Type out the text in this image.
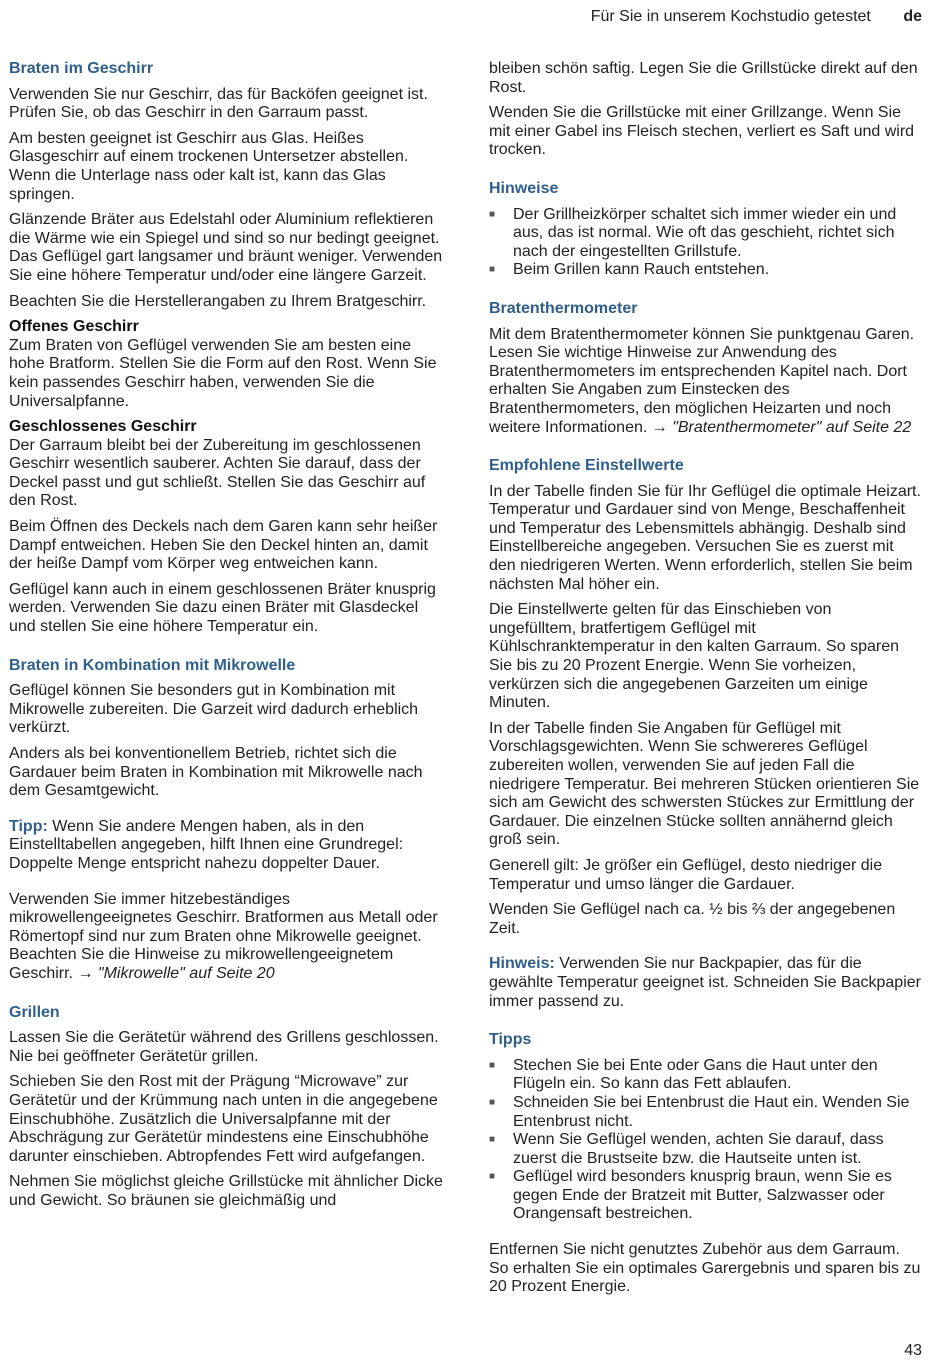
Für Sie in unserem Kochstudio getestet de
Braten im Geschirr

Verwenden Sie nur Geschirr, das für Backöfen geeignet ist. Prüfen Sie, ob das Geschirr in den Garraum passt.

Am besten geeignet ist Geschirr aus Glas. Heißes Glasgeschirr auf einem trockenen Untersetzer abstellen. Wenn die Unterlage nass oder kalt ist, kann das Glas springen.

Glänzende Bräter aus Edelstahl oder Aluminium reflektieren die Wärme wie ein Spiegel und sind so nur bedingt geeignet. Das Geflügel gart langsamer und bräunt weniger. Verwenden Sie eine höhere Temperatur und/oder eine längere Garzeit.

Beachten Sie die Herstellerangaben zu Ihrem Bratgeschirr.

Offenes Geschirr

Zum Braten von Geflügel verwenden Sie am besten eine hohe Bratform. Stellen Sie die Form auf den Rost. Wenn Sie kein passendes Geschirr haben, verwenden Sie die Universalpfanne.

Geschlossenes Geschirr

Der Garraum bleibt bei der Zubereitung im geschlossenen Geschirr wesentlich sauberer. Achten Sie darauf, dass der Deckel passt und gut schließt. Stellen Sie das Geschirr auf den Rost.

Beim Öffnen des Deckels nach dem Garen kann sehr heißer Dampf entweichen. Heben Sie den Deckel hinten an, damit der heiße Dampf vom Körper weg entweichen kann.

Geflügel kann auch in einem geschlossenen Bräter knusprig werden. Verwenden Sie dazu einen Bräter mit Glasdeckel und stellen Sie eine höhere Temperatur ein.

Braten in Kombination mit Mikrowelle

Geflügel können Sie besonders gut in Kombination mit Mikrowelle zubereiten. Die Garzeit wird dadurch erheblich verkürzt.

Anders als bei konventionellem Betrieb, richtet sich die Gardauer beim Braten in Kombination mit Mikrowelle nach dem Gesamtgewicht.

Tipp: Wenn Sie andere Mengen haben, als in den Einstelltabellen angegeben, hilft Ihnen eine Grundregel: Doppelte Menge entspricht nahezu doppelter Dauer.

Verwenden Sie immer hitzebeständiges mikrowellengeeignetes Geschirr. Bratformen aus Metall oder Römertopf sind nur zum Braten ohne Mikrowelle geeignet. Beachten Sie die Hinweise zu mikrowellengeeignetem Geschirr. → "Mikrowelle" auf Seite 20

Grillen

Lassen Sie die Gerätetür während des Grillens geschlossen. Nie bei geöffneter Gerätetür grillen.

Schieben Sie den Rost mit der Prägung “Microwave” zur Gerätetür und der Krümmung nach unten in die angegebene Einschubhöhe. Zusätzlich die Universalpfanne mit der Abschrägung zur Gerätetür mindestens eine Einschubhöhe darunter einschieben. Abtropfendes Fett wird aufgefangen.

Nehmen Sie möglichst gleiche Grillstücke mit ähnlicher Dicke und Gewicht. So bräunen sie gleichmäßig und

bleiben schön saftig. Legen Sie die Grillstücke direkt auf den Rost.

Wenden Sie die Grillstücke mit einer Grillzange. Wenn Sie mit einer Gabel ins Fleisch stechen, verliert es Saft und wird trocken.

Hinweise
■ Der Grillheizkörper schaltet sich immer wieder ein und aus, das ist normal. Wie oft das geschieht, richtet sich nach der eingestellten Grillstufe.
■ Beim Grillen kann Rauch entstehen.
Bratenthermometer

Mit dem Bratenthermometer können Sie punktgenau Garen. Lesen Sie wichtige Hinweise zur Anwendung des Bratenthermometers im entsprechenden Kapitel nach. Dort erhalten Sie Angaben zum Einstecken des Bratenthermometers, den möglichen Heizarten und noch weitere Informationen. → "Bratenthermometer" auf Seite 22

Empfohlene Einstellwerte

In der Tabelle finden Sie für Ihr Geflügel die optimale Heizart. Temperatur und Gardauer sind von Menge, Beschaffenheit und Temperatur des Lebensmittels abhängig. Deshalb sind Einstellbereiche angegeben. Versuchen Sie es zuerst mit den niedrigeren Werten. Wenn erforderlich, stellen Sie beim nächsten Mal höher ein.

Die Einstellwerte gelten für das Einschieben von ungefülltem, bratfertigem Geflügel mit Kühlschranktemperatur in den kalten Garraum. So sparen Sie bis zu 20 Prozent Energie. Wenn Sie vorheizen, verkürzen sich die angegebenen Garzeiten um einige Minuten.

In der Tabelle finden Sie Angaben für Geflügel mit Vorschlagsgewichten. Wenn Sie schwereres Geflügel zubereiten wollen, verwenden Sie auf jeden Fall die niedrigere Temperatur. Bei mehreren Stücken orientieren Sie sich am Gewicht des schwersten Stückes zur Ermittlung der Gardauer. Die einzelnen Stücke sollten annähernd gleich groß sein.

Generell gilt: Je größer ein Geflügel, desto niedriger die Temperatur und umso länger die Gardauer.

Wenden Sie Geflügel nach ca. ½ bis ⅔ der angegebenen Zeit.

Hinweis: Verwenden Sie nur Backpapier, das für die gewählte Temperatur geeignet ist. Schneiden Sie Backpapier immer passend zu.

Tipps
■ Stechen Sie bei Ente oder Gans die Haut unter den Flügeln ein. So kann das Fett ablaufen.
■ Schneiden Sie bei Entenbrust die Haut ein. Wenden Sie Entenbrust nicht.
■ Wenn Sie Geflügel wenden, achten Sie darauf, dass zuerst die Brustseite bzw. die Hautseite unten ist.
■ Geflügel wird besonders knusprig braun, wenn Sie es gegen Ende der Bratzeit mit Butter, Salzwasser oder Orangensaft bestreichen.

Entfernen Sie nicht genutztes Zubehör aus dem Garraum. So erhalten Sie ein optimales Garergebnis und sparen bis zu 20 Prozent Energie.

43
